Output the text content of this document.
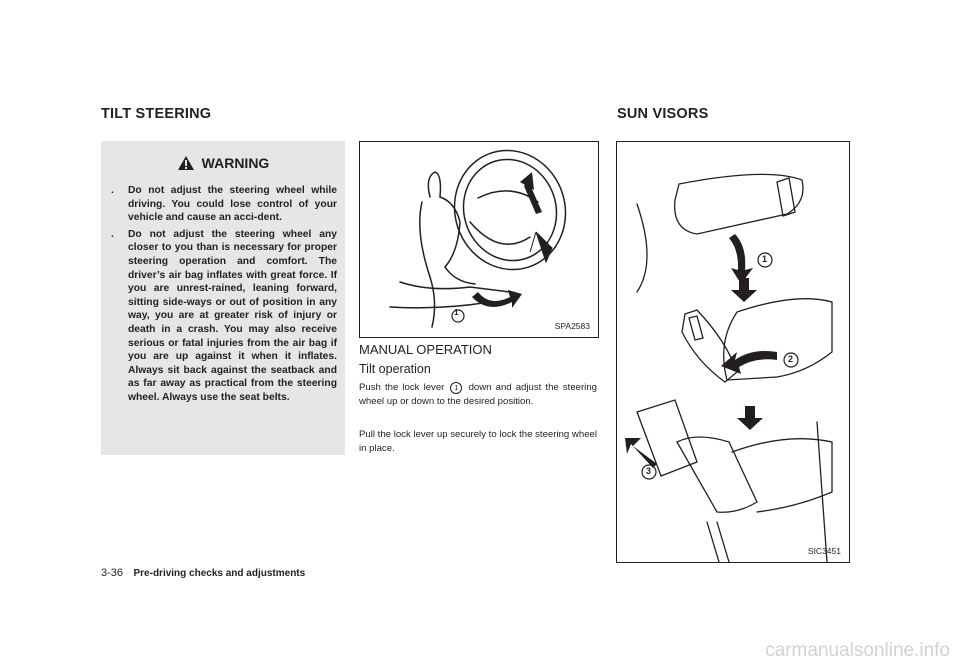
TILT STEERING	SUN VISORS
WARNING
. Do not adjust the steering wheel while driving. You could lose control of your vehicle and cause an acci-dent.
. Do not adjust the steering wheel any closer to you than is necessary for proper steering operation and comfort. The driver’s air bag inflates with great force. If you are unrest-rained, leaning forward, sitting side-ways or out of position in any way, you are at greater risk of injury or death in a crash. You may also receive serious or fatal injuries from the air bag if you are up against it when it inflates. Always sit back against the seatback and as far away as practical from the steering wheel. Always use the seat belts.
1
SPA2583
MANUAL OPERATION
Tilt operation
Push the lock lever 1 down and adjust the steering wheel up or down to the desired position.
Pull the lock lever up securely to lock the steering wheel in place.
1
2
3
SIC3451
3-36 Pre-driving checks and adjustments
carmanualsonline.info
